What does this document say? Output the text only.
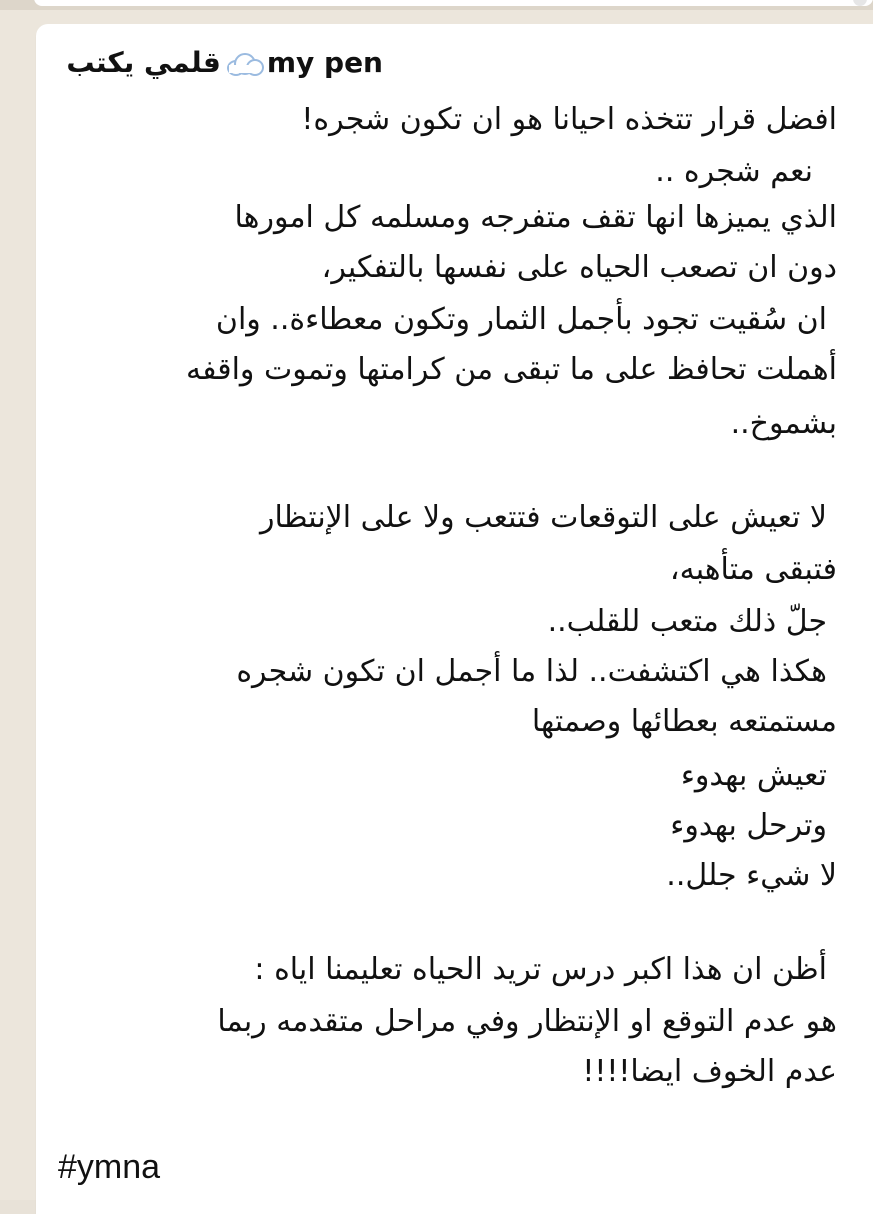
قلمي يكتب my pen
افضل قرار تتخذه احيانا هو ان تكون شجره!
نعم شجره ..
الذي يميزها انها تقف متفرجه ومسلمه كل امورها
دون ان تصعب الحياه على نفسها بالتفكير،
ان سُقيت تجود بأجمل الثمار وتكون معطاءة.. وان
أهملت تحافظ على ما تبقى من كرامتها وتموت واقفه
بشموخ..
لا تعيش على التوقعات فتتعب ولا على الإنتظار
فتبقى متأهبه،
جلّ ذلك متعب للقلب..
هكذا هي اكتشفت.. لذا ما أجمل ان تكون شجره
مستمتعه بعطائها وصمتها
تعيش بهدوء
وترحل بهدوء
لا شيء جلل..
أظن ان هذا اكبر درس تريد الحياه تعليمنا اياه :
هو عدم التوقع او الإنتظار وفي مراحل متقدمه ربما
عدم الخوف ايضا!!!!
#ymna
